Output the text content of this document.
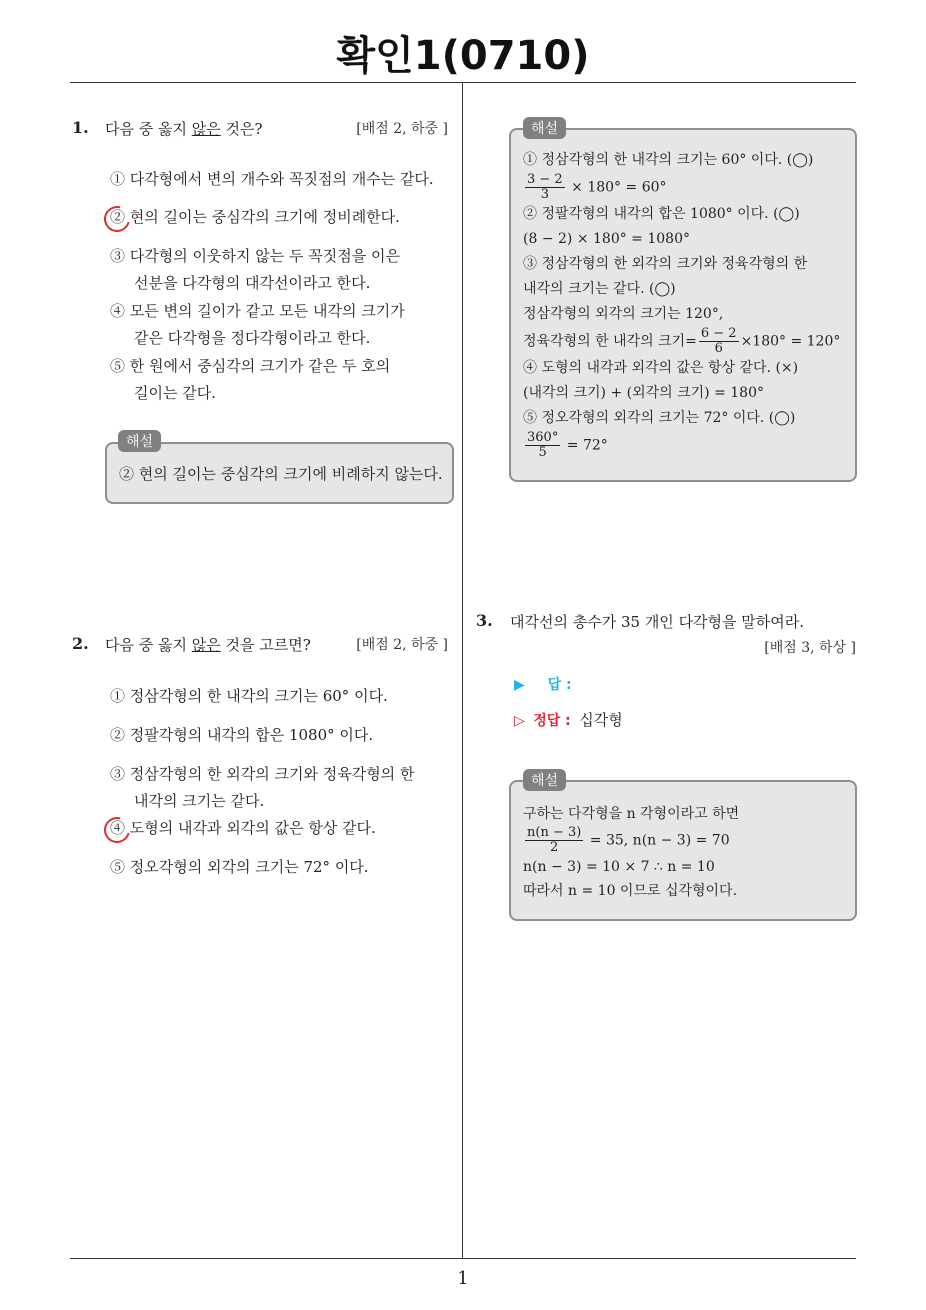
확인1(0710)
1
1. 다음 중 옳지 않은 것은?	[배점 2, 하중 ]
① 다각형에서 변의 개수와 꼭짓점의 개수는 같다.
② 현의 길이는 중심각의 크기에 정비례한다.
③ 다각형의 이웃하지 않는 두 꼭짓점을 이은
선분을 다각형의 대각선이라고 한다.
④ 모든 변의 길이가 같고 모든 내각의 크기가
같은 다각형을 정다각형이라고 한다.
⑤ 한 원에서 중심각의 크기가 같은 두 호의
길이는 같다.
② 현의 길이는 중심각의 크기에 비례하지 않는다.
해설
2. 다음 중 옳지 않은 것을 고르면?	[배점 2, 하중 ]
① 정삼각형의 한 내각의 크기는 60° 이다.
② 정팔각형의 내각의 합은 1080° 이다.
③ 정삼각형의 한 외각의 크기와 정육각형의 한
내각의 크기는 같다.
④ 도형의 내각과 외각의 값은 항상 같다.
⑤ 정오각형의 외각의 크기는 72° 이다.
① 정삼각형의 한 내각의 크기는 60° 이다. (◯)
$\frac{3 - 2}{3} \times 180^\circ = 60^\circ$
② 정팔각형의 내각의 합은 1080° 이다. (◯)
(8 − 2) × 180° = 1080°
③ 정삼각형의 한 외각의 크기와 정육각형의 한
내각의 크기는 같다. (◯)
정삼각형의 외각의 크기는 120°,
정육각형의 한 내각의 크기= $\frac{6 - 2}{6} \times 180^\circ = 120^\circ$
④ 도형의 내각과 외각의 값은 항상 같다. (×)
(내각의 크기) + (외각의 크기) = 180°
⑤ 정오각형의 외각의 크기는 72° 이다. (◯)
$\frac{360^\circ}{5} = 72^\circ$
해설
3. 대각선의 총수가 35 개인 다각형을 말하여라.
[배점 3, 하상 ]
▶ 답 :
▷ 정답 : 십각형
구하는 다각형을 n 각형이라고 하면
$\frac{n(n - 3)}{2} = 35$, n(n − 3) = 70
n(n − 3) = 10 × 7 ∴ n = 10
따라서 n = 10 이므로 십각형이다.
해설
